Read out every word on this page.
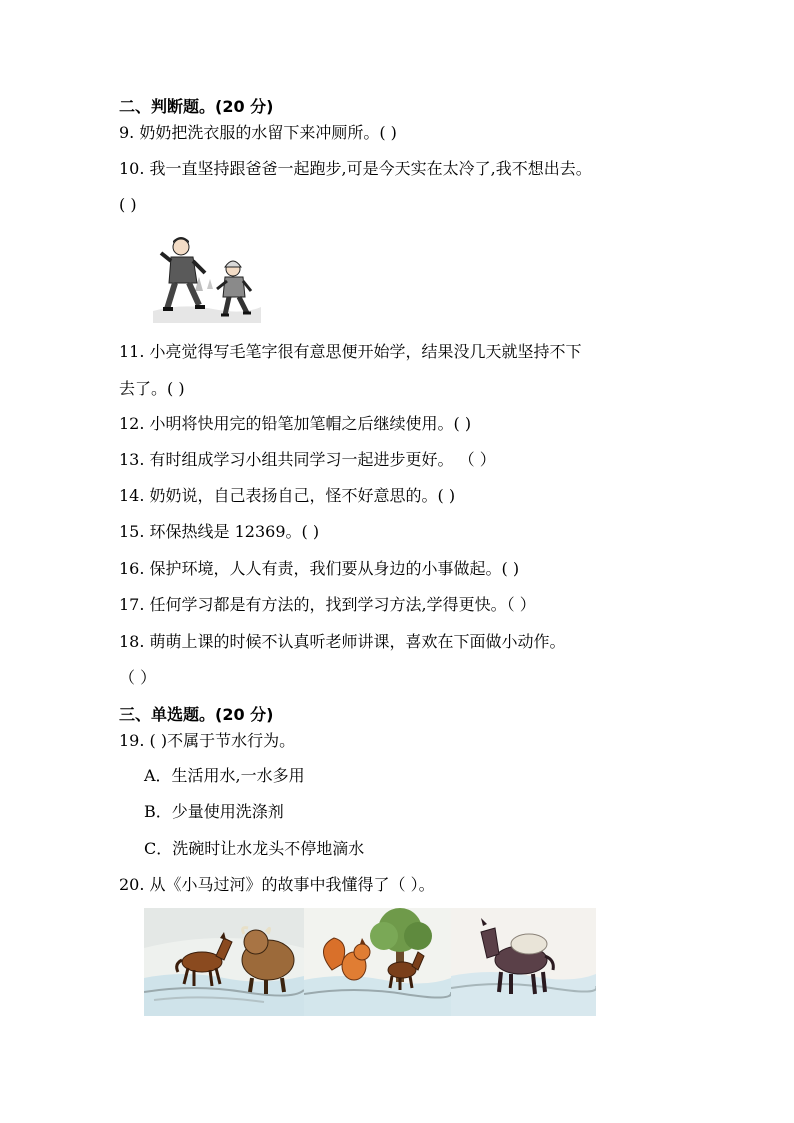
二、判断题。(20 分)
9. 奶奶把洗衣服的水留下来冲厕所。( )
10. 我一直坚持跟爸爸一起跑步,可是今天实在太冷了,我不想出去。
( )
11. 小亮觉得写毛笔字很有意思便开始学，结果没几天就坚持不下
去了。( )
12. 小明将快用完的铅笔加笔帽之后继续使用。( )
13. 有时组成学习小组共同学习一起进步更好。 （ ）
14. 奶奶说，自己表扬自己，怪不好意思的。( )
15. 环保热线是 12369。( )
16. 保护环境，人人有责，我们要从身边的小事做起。( )
17. 任何学习都是有方法的，找到学习方法,学得更快。（ ）
18. 萌萌上课的时候不认真听老师讲课，喜欢在下面做小动作。
（ ）
三、单选题。(20 分)
19. ( )不属于节水行为。
A．生活用水,一水多用
B．少量使用洗涤剂
C．洗碗时让水龙头不停地滴水
20. 从《小马过河》的故事中我懂得了（ ）。
